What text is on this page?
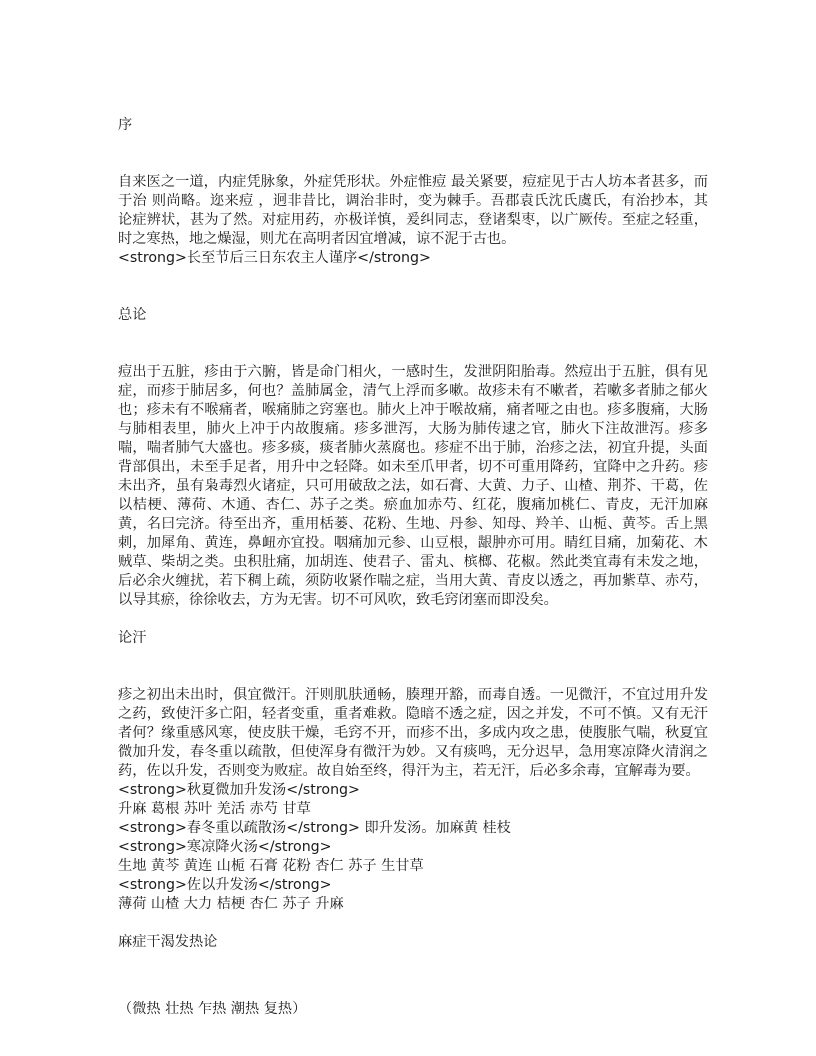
序

自来医之一道，内症凭脉象，外症凭形状。外症惟痘 最关紧要，痘症见于古人坊本者甚多，而于治 则尚略。迩来痘 ，迥非昔比，调治非时，变为棘手。吾郡袁氏沈氏虞氏，有治抄本，其论症辨状，甚为了然。对症用药，亦极详慎，爰纠同志，登诸梨枣，以广厥传。至症之轻重，时之寒热，地之燥湿，则尤在高明者因宜增减，谅不泥于古也。

<strong>长至节后三日东农主人谨序</strong>

总论

痘出于五脏，疹由于六腑，皆是命门相火，一感时生，发泄阴阳胎毒。然痘出于五脏，俱有见症，而疹于肺居多，何也？盖肺属金，清气上浮而多嗽。故疹未有不嗽者，若嗽多者肺之郁火也；疹未有不喉痛者，喉痛肺之窍塞也。肺火上冲于喉故痛，痛者哑之由也。疹多腹痛，大肠与肺相表里，肺火上冲于内故腹痛。疹多泄泻，大肠为肺传逮之官，肺火下注故泄泻。疹多喘，喘者肺气大盛也。疹多痰，痰者肺火蒸腐也。疹症不出于肺，治疹之法，初宜升提，头面背部俱出，未至手足者，用升中之轻降。如未至爪甲者，切不可重用降药，宜降中之升药。疹未出齐，虽有枭毒烈火诸症，只可用破敌之法，如石膏、大黄、力子、山楂、荆芥、干葛，佐以桔梗、薄荷、木通、杏仁、苏子之类。瘀血加赤芍、红花，腹痛加桃仁、青皮，无汗加麻黄，名曰完济。待至出齐，重用栝蒌、花粉、生地、丹参、知母、羚羊、山栀、黄芩。舌上黑刺，加犀角、黄连，鼻衄亦宜投。咽痛加元参、山豆根，龈肿亦可用。睛红目痛，加菊花、木贼草、柴胡之类。虫积肚痛，加胡连、使君子、雷丸、槟榔、花椒。然此类宜毒有未发之地，后必余火缠扰，若下稠上疏，须防收紧作喘之症，当用大黄、青皮以透之，再加紫草、赤芍，以导其瘀，徐徐收去，方为无害。切不可风吹，致毛窍闭塞而即没矣。

论汗

疹之初出未出时，俱宜微汗。汗则肌肤通畅，腠理开豁，而毒自透。一见微汗，不宜过用升发之药，致使汗多亡阳，轻者变重，重者难救。隐暗不透之症，因之并发，不可不慎。又有无汗者何？缘重感风寒，使皮肤干燥，毛窍不开，而疹不出，多成内攻之患，使腹胀气喘，秋夏宜微加升发，春冬重以疏散，但使浑身有微汗为妙。又有痰鸣，无分迟早，急用寒凉降火清润之药，佐以升发，否则变为败症。故自始至终，得汗为主，若无汗，后必多余毒，宜解毒为要。

<strong>秋夏微加升发汤</strong>

升麻 葛根 苏叶 羌活 赤芍 甘草

<strong>春冬重以疏散汤</strong> 即升发汤。加麻黄 桂枝

<strong>寒凉降火汤</strong>

生地 黄芩 黄连 山栀 石膏 花粉 杏仁 苏子 生甘草

<strong>佐以升发汤</strong>

薄荷 山楂 大力 桔梗 杏仁 苏子 升麻

麻症干渴发热论

（微热 壮热 乍热 潮热 复热）
